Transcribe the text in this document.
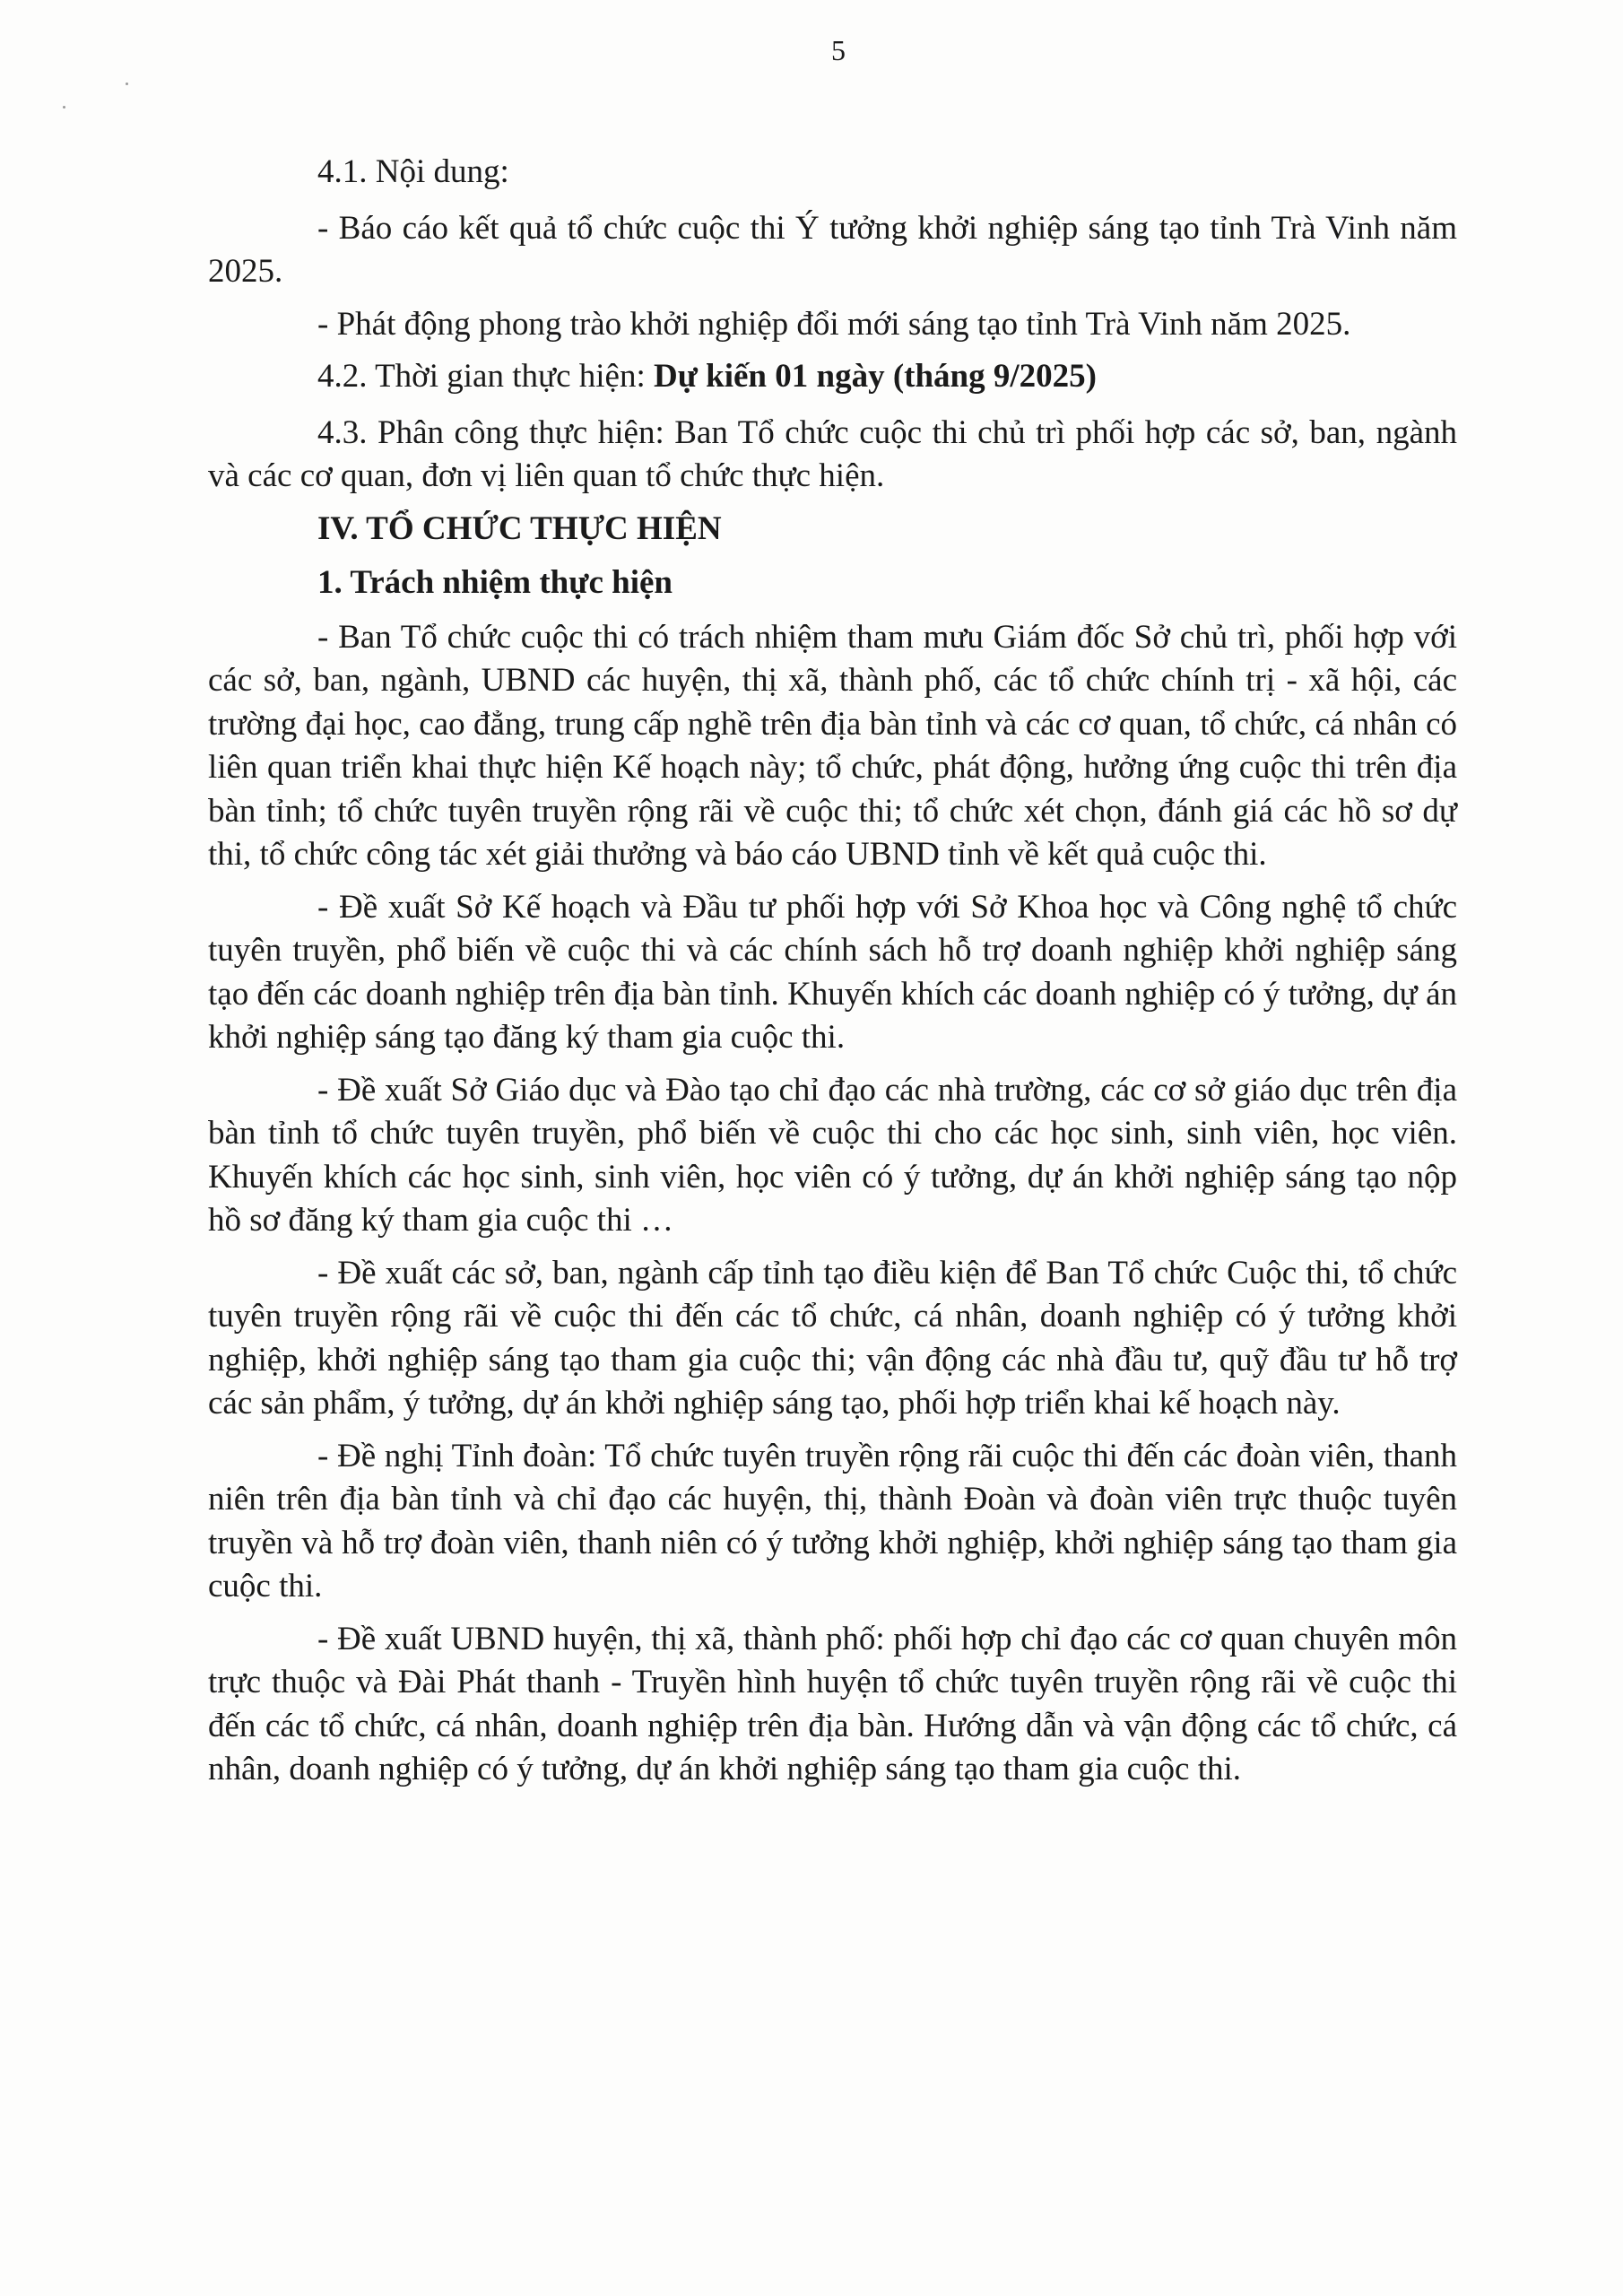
5

4.1. Nội dung:

- Báo cáo kết quả tổ chức cuộc thi Ý tưởng khởi nghiệp sáng tạo tỉnh Trà Vinh năm 2025.

- Phát động phong trào khởi nghiệp đổi mới sáng tạo tỉnh Trà Vinh năm 2025.

4.2. Thời gian thực hiện: Dự kiến 01 ngày (tháng 9/2025)

4.3. Phân công thực hiện: Ban Tổ chức cuộc thi chủ trì phối hợp các sở, ban, ngành và các cơ quan, đơn vị liên quan tổ chức thực hiện.

IV. TỔ CHỨC THỰC HIỆN

1. Trách nhiệm thực hiện

- Ban Tổ chức cuộc thi có trách nhiệm tham mưu Giám đốc Sở chủ trì, phối hợp với các sở, ban, ngành, UBND các huyện, thị xã, thành phố, các tổ chức chính trị - xã hội, các trường đại học, cao đẳng, trung cấp nghề trên địa bàn tỉnh và các cơ quan, tổ chức, cá nhân có liên quan triển khai thực hiện Kế hoạch này; tổ chức, phát động, hưởng ứng cuộc thi trên địa bàn tỉnh; tổ chức tuyên truyền rộng rãi về cuộc thi; tổ chức xét chọn, đánh giá các hồ sơ dự thi, tổ chức công tác xét giải thưởng và báo cáo UBND tỉnh về kết quả cuộc thi.

- Đề xuất Sở Kế hoạch và Đầu tư phối hợp với Sở Khoa học và Công nghệ tổ chức tuyên truyền, phổ biến về cuộc thi và các chính sách hỗ trợ doanh nghiệp khởi nghiệp sáng tạo đến các doanh nghiệp trên địa bàn tỉnh. Khuyến khích các doanh nghiệp có ý tưởng, dự án khởi nghiệp sáng tạo đăng ký tham gia cuộc thi.

- Đề xuất Sở Giáo dục và Đào tạo chỉ đạo các nhà trường, các cơ sở giáo dục trên địa bàn tỉnh tổ chức tuyên truyền, phổ biến về cuộc thi cho các học sinh, sinh viên, học viên. Khuyến khích các học sinh, sinh viên, học viên có ý tưởng, dự án khởi nghiệp sáng tạo nộp hồ sơ đăng ký tham gia cuộc thi …

- Đề xuất các sở, ban, ngành cấp tỉnh tạo điều kiện để Ban Tổ chức Cuộc thi, tổ chức tuyên truyền rộng rãi về cuộc thi đến các tổ chức, cá nhân, doanh nghiệp có ý tưởng khởi nghiệp, khởi nghiệp sáng tạo tham gia cuộc thi; vận động các nhà đầu tư, quỹ đầu tư hỗ trợ các sản phẩm, ý tưởng, dự án khởi nghiệp sáng tạo, phối hợp triển khai kế hoạch này.

- Đề nghị Tỉnh đoàn: Tổ chức tuyên truyền rộng rãi cuộc thi đến các đoàn viên, thanh niên trên địa bàn tỉnh và chỉ đạo các huyện, thị, thành Đoàn và đoàn viên trực thuộc tuyên truyền và hỗ trợ đoàn viên, thanh niên có ý tưởng khởi nghiệp, khởi nghiệp sáng tạo tham gia cuộc thi.

- Đề xuất UBND huyện, thị xã, thành phố: phối hợp chỉ đạo các cơ quan chuyên môn trực thuộc và Đài Phát thanh - Truyền hình huyện tổ chức tuyên truyền rộng rãi về cuộc thi đến các tổ chức, cá nhân, doanh nghiệp trên địa bàn. Hướng dẫn và vận động các tổ chức, cá nhân, doanh nghiệp có ý tưởng, dự án khởi nghiệp sáng tạo tham gia cuộc thi.
